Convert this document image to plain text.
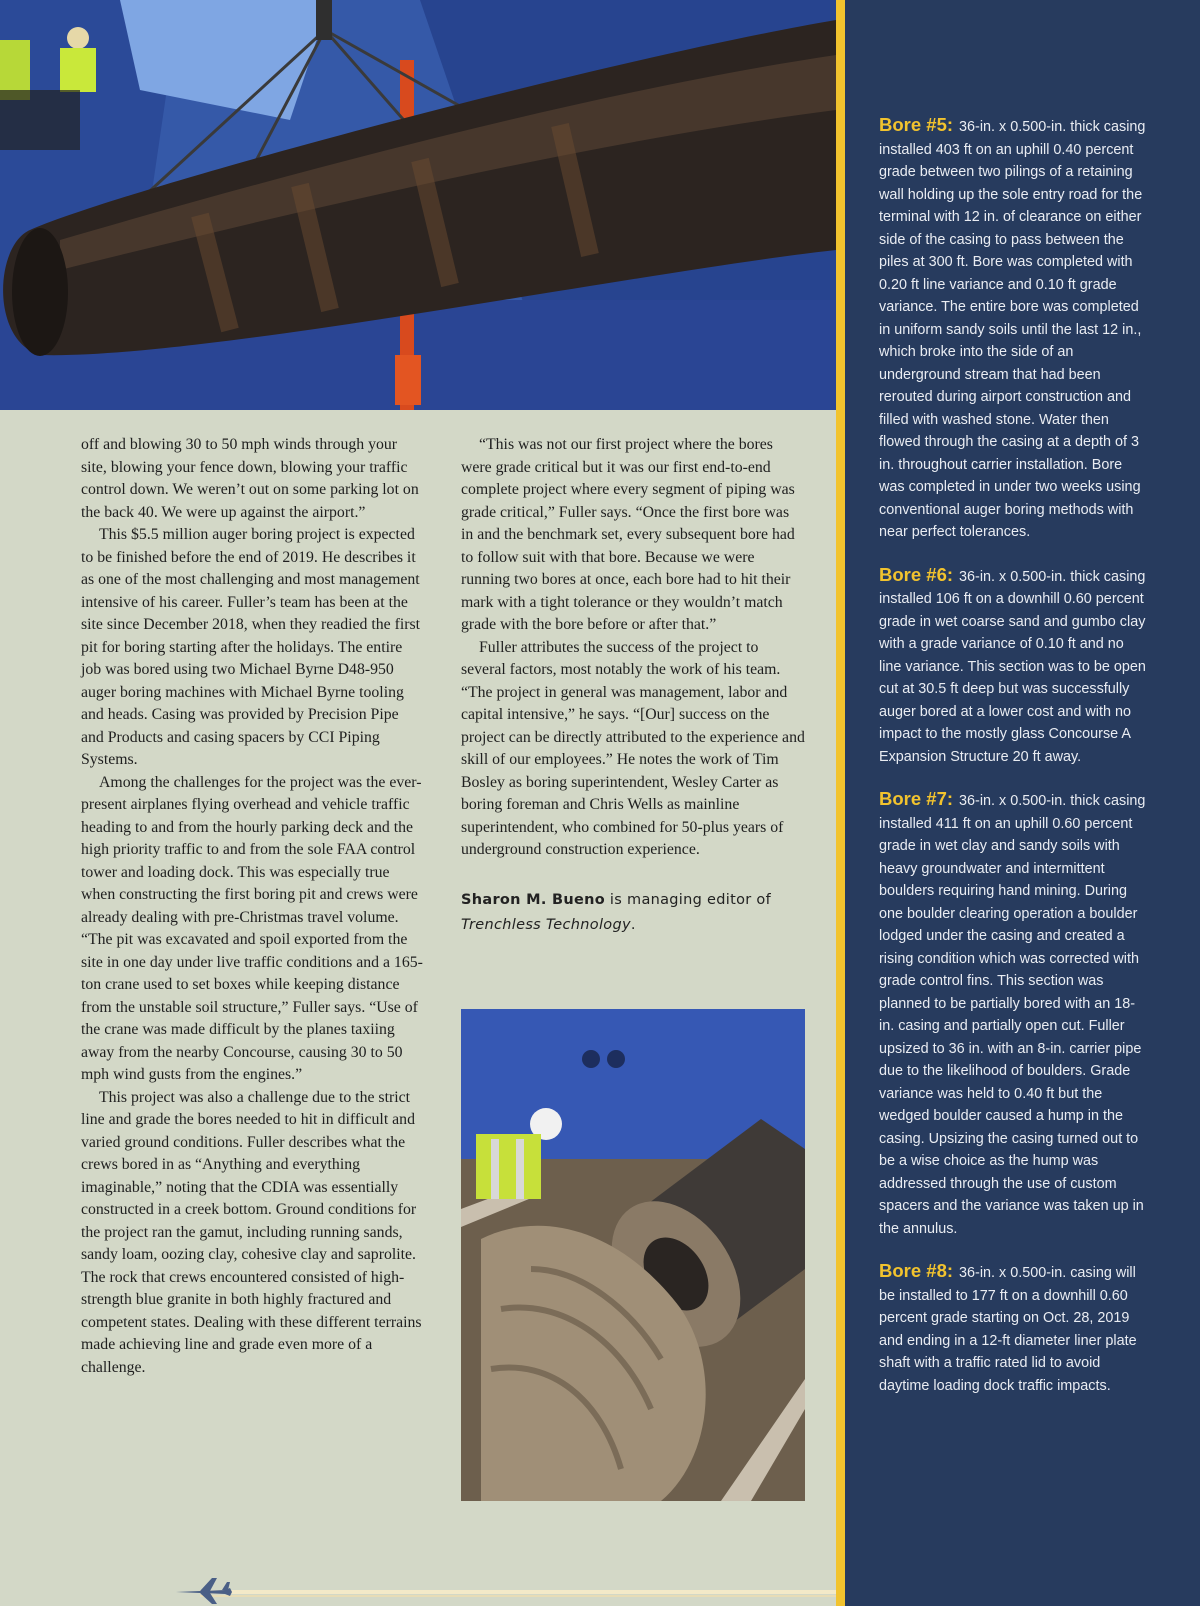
off and blowing 30 to 50 mph winds through your site, blowing your fence down, blowing your traffic control down. We weren’t out on some parking lot on the back 40. We were up against the airport.”

This $5.5 million auger boring project is expected to be finished before the end of 2019. He describes it as one of the most challenging and most management intensive of his career. Fuller’s team has been at the site since December 2018, when they readied the first pit for boring starting after the holidays. The entire job was bored using two Michael Byrne D48-950 auger boring machines with Michael Byrne tooling and heads. Casing was provided by Precision Pipe and Products and casing spacers by CCI Piping Systems.

Among the challenges for the project was the ever-present airplanes flying overhead and vehicle traffic heading to and from the hourly parking deck and the high priority traffic to and from the sole FAA control tower and loading dock. This was especially true when constructing the first boring pit and crews were already dealing with pre-Christmas travel volume. “The pit was excavated and spoil exported from the site in one day under live traffic conditions and a 165-ton crane used to set boxes while keeping distance from the unstable soil structure,” Fuller says. “Use of the crane was made difficult by the planes taxiing away from the nearby Concourse, causing 30 to 50 mph wind gusts from the engines.”

This project was also a challenge due to the strict line and grade the bores needed to hit in difficult and varied ground conditions. Fuller describes what the crews bored in as “Anything and everything imaginable,” noting that the CDIA was essentially constructed in a creek bottom. Ground conditions for the project ran the gamut, including running sands, sandy loam, oozing clay, cohesive clay and saprolite. The rock that crews encountered consisted of high-strength blue granite in both highly fractured and competent states. Dealing with these different terrains made achieving line and grade even more of a challenge.

“This was not our first project where the bores were grade critical but it was our first end-to-end complete project where every segment of piping was grade critical,” Fuller says. “Once the first bore was in and the benchmark set, every subsequent bore had to follow suit with that bore. Because we were running two bores at once, each bore had to hit their mark with a tight tolerance or they wouldn’t match grade with the bore before or after that.”

Fuller attributes the success of the project to several factors, most notably the work of his team. “The project in general was management, labor and capital intensive,” he says. “[Our] success on the project can be directly attributed to the experience and skill of our employees.” He notes the work of Tim Bosley as boring superintendent, Wesley Carter as boring foreman and Chris Wells as mainline superintendent, who combined for 50-plus years of underground construction experience.

Sharon M. Bueno is managing editor of Trenchless Technology.

Bore #5: 36-in. x 0.500-in. thick casing installed 403 ft on an uphill 0.40 percent grade between two pilings of a retaining wall holding up the sole entry road for the terminal with 12 in. of clearance on either side of the casing to pass between the piles at 300 ft. Bore was completed with 0.20 ft line variance and 0.10 ft grade variance. The entire bore was completed in uniform sandy soils until the last 12 in., which broke into the side of an underground stream that had been rerouted during airport construction and filled with washed stone. Water then flowed through the casing at a depth of 3 in. throughout carrier installation. Bore was completed in under two weeks using conventional auger boring methods with near perfect tolerances.

Bore #6: 36-in. x 0.500-in. thick casing installed 106 ft on a downhill 0.60 percent grade in wet coarse sand and gumbo clay with a grade variance of 0.10 ft and no line variance. This section was to be open cut at 30.5 ft deep but was successfully auger bored at a lower cost and with no impact to the mostly glass Concourse A Expansion Structure 20 ft away.

Bore #7: 36-in. x 0.500-in. thick casing installed 411 ft on an uphill 0.60 percent grade in wet clay and sandy soils with heavy groundwater and intermittent boulders requiring hand mining. During one boulder clearing operation a boulder lodged under the casing and created a rising condition which was corrected with grade control fins. This section was planned to be partially bored with an 18-in. casing and partially open cut. Fuller upsized to 36 in. with an 8-in. carrier pipe due to the likelihood of boulders. Grade variance was held to 0.40 ft but the wedged boulder caused a hump in the casing. Upsizing the casing turned out to be a wise choice as the hump was addressed through the use of custom spacers and the variance was taken up in the annulus.

Bore #8: 36-in. x 0.500-in. casing will be installed to 177 ft on a downhill 0.60 percent grade starting on Oct. 28, 2019 and ending in a 12-ft diameter liner plate shaft with a traffic rated lid to avoid daytime loading dock traffic impacts.
